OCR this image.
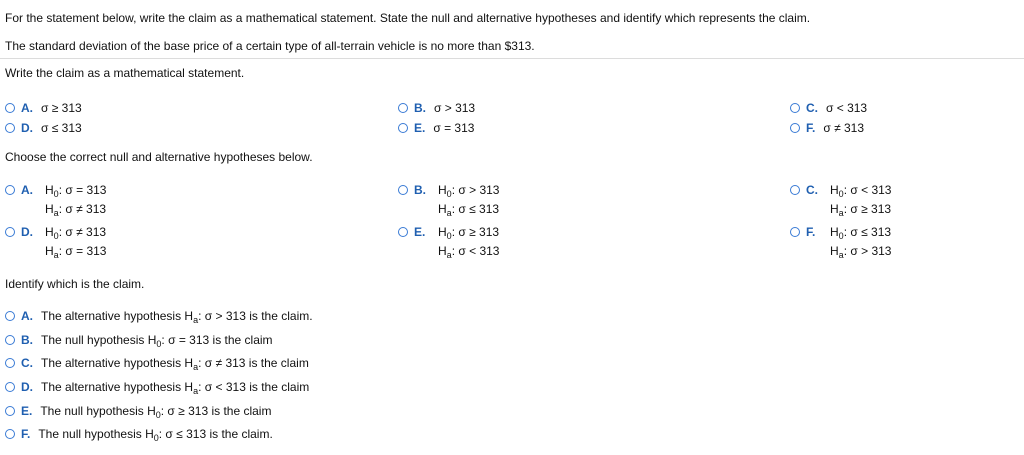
For the statement below, write the claim as a mathematical statement. State the null and alternative hypotheses and identify which represents the claim.
The standard deviation of the base price of a certain type of all-terrain vehicle is no more than $313.
Write the claim as a mathematical statement.
A. σ ≥ 313	B. σ > 313	C. σ < 313
D. σ ≤ 313	E. σ = 313	F. σ ≠ 313
Choose the correct null and alternative hypotheses below.
A. $H_0$: σ = 313
$H_a$: σ ≠ 313
B. $H_0$: σ > 313
$H_a$: σ ≤ 313
C. $H_0$: σ < 313
$H_a$: σ ≥ 313
D. $H_0$: σ ≠ 313
$H_a$: σ = 313
E. $H_0$: σ ≥ 313
$H_a$: σ < 313
F. $H_0$: σ ≤ 313
$H_a$: σ > 313
Identify which is the claim.
A. The alternative hypothesis $H_a$: σ > 313 is the claim.
B. The null hypothesis $H_0$: σ = 313 is the claim
C. The alternative hypothesis $H_a$: σ ≠ 313 is the claim
D. The alternative hypothesis $H_a$: σ < 313 is the claim
E. The null hypothesis $H_0$: σ ≥ 313 is the claim
F. The null hypothesis $H_0$: σ ≤ 313 is the claim.
